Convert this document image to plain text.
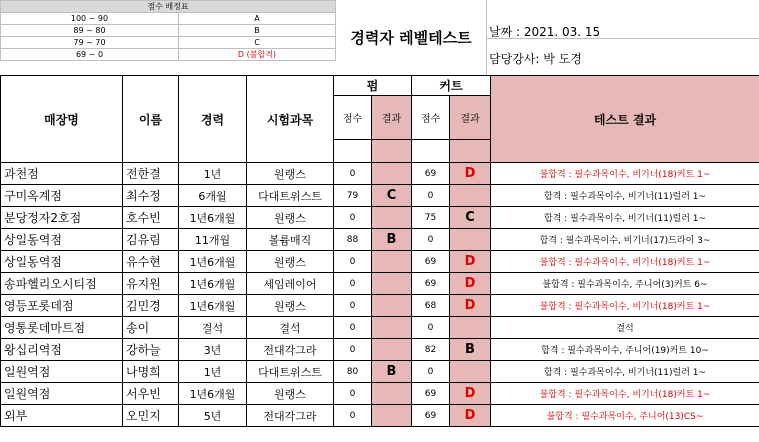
점수 배정표	
100 ~ 90	A
89 ~ 80	B
79 ~ 70	C
69 ~ 0	D (불합격)
경력자 레벨테스트	날짜 : 2021. 03. 15
담당강사: 박 도경
매장명	이름	경력	시험과목	펌		커트		테스트 결과
				점수	결과	점수	결과	

과천점	전한결	1년	원랭스	0		69	D	불합격 : 필수과목이수, 비기너(18)커트 1~
구미옥계점	최수정	6개월	다대트위스트	79	C	0		합격 : 필수과목이수, 비기너(11)럴러 1~
분당정자2호점	호수빈	1년6개월	원랭스	0		75	C	합격 : 필수과목이수, 비기너(11)럴러 1~
상일동역점	김유림	11개월	볼륨매직	88	B	0		합격 : 필수과목이수, 비기너(17)드라이 3~
상일동역점	유수현	1년6개월	원랭스	0		69	D	불합격 : 필수과목이수, 비기너(18)커트 1~
송파헬리오시티점	유지원	1년6개월	세임레이어	0		69	D	불합격 : 필수과목이수, 주니어(3)커트 6~
영등포롯데점	김민경	1년6개월	원랭스	0		68	D	불합격 : 필수과목이수, 비기너(18)커트 1~
영통롯데마트점	송이	결석	결석	0		0		결석
왕십리역점	강하늘	3년	전대각그라	0		82	B	합격 : 필수과목이수, 주니어(19)커트 10~
일원역점	나명희	1년	다대트위스트	80	B	0		합격 : 필수과목이수, 비기너(11)럴러 1~
일원역점	서우빈	1년6개월	원랭스	0		69	D	불합격 : 필수과목이수, 비기너(18)커트 1~
외부	오민지	5년	전대각그라	0		69	D	불합격 : 필수과목이수, 주니어(13)CS~
